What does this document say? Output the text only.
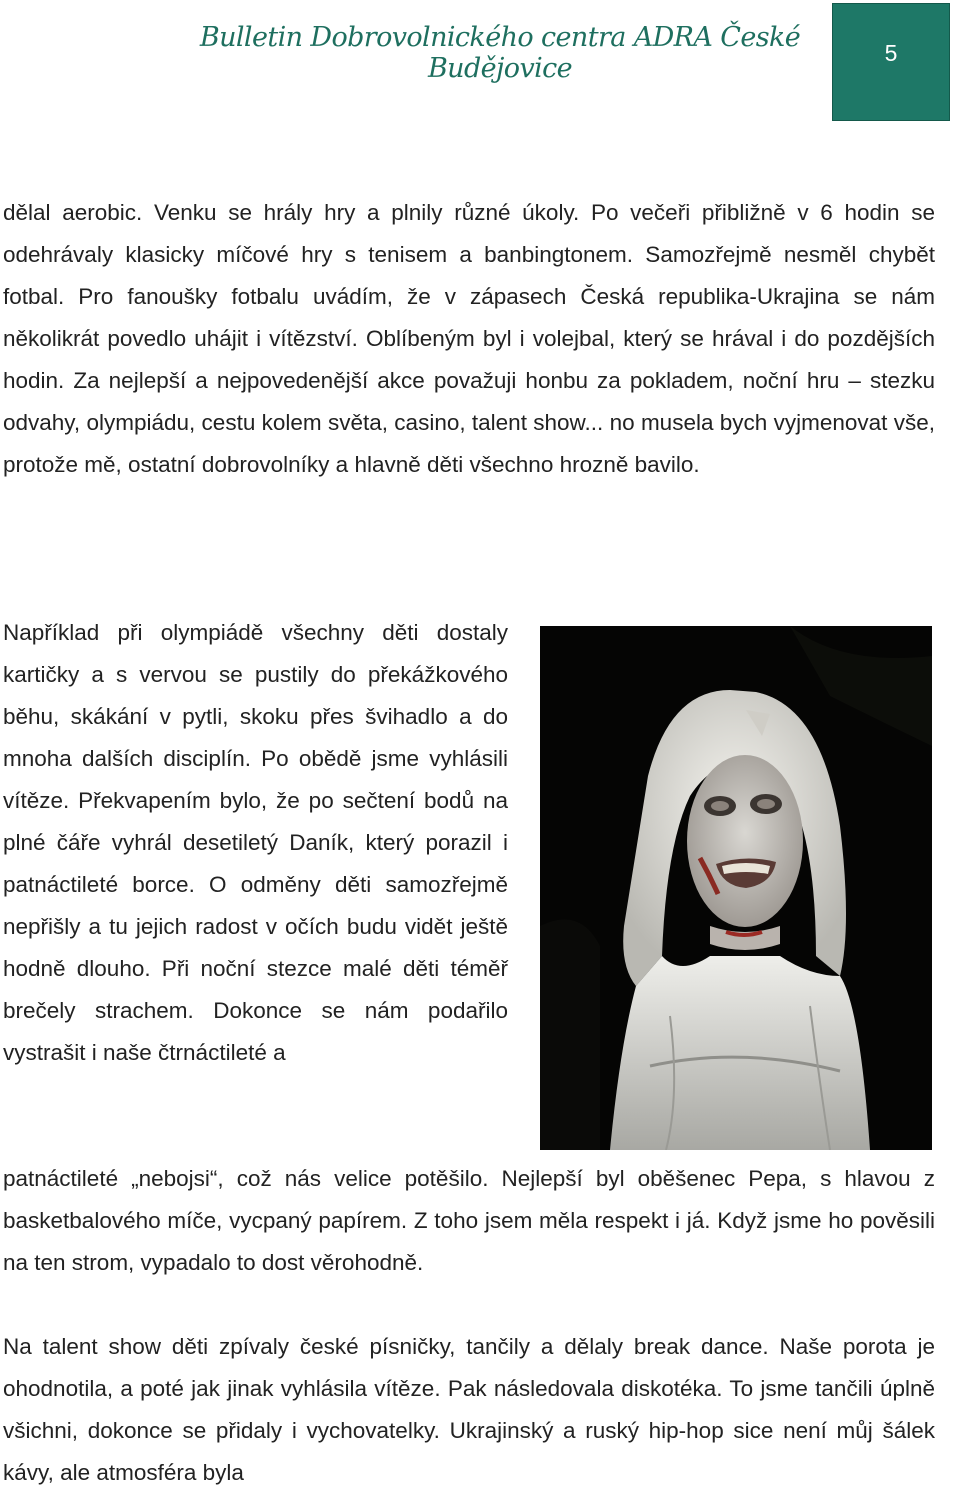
Bulletin Dobrovolnického centra ADRA České Budějovice	5

dělal aerobic. Venku se hrály hry a plnily různé úkoly. Po večeři přibližně v 6 hodin se odehrávaly klasicky míčové hry s tenisem a banbingtonem. Samozřejmě nesměl chybět fotbal. Pro fanoušky fotbalu uvádím, že v zápasech Česká republika-Ukrajina se nám několikrát povedlo uhájit i vítězství. Oblíbeným byl i volejbal, který se hrával i do pozdějších hodin. Za nejlepší a nejpovedenější akce považuji honbu za pokladem, noční hru – stezku odvahy, olympiádu, cestu kolem světa, casino, talent show... no musela bych vyjmenovat vše, protože mě, ostatní dobrovolníky a hlavně děti všechno hrozně bavilo.

Například při olympiádě všechny děti dostaly kartičky a s vervou se pustily do překážkového běhu, skákání v pytli, skoku přes švihadlo a do mnoha dalších disciplín. Po obědě jsme vyhlásili vítěze. Překvapením bylo, že po sečtení bodů na plné čáře vyhrál desetiletý Daník, který porazil i patnáctileté borce. O odměny děti samozřejmě nepřišly a tu jejich radost v očích budu vidět ještě hodně dlouho. Při noční stezce malé děti téměř brečely strachem. Dokonce se nám podařilo vystrašit i naše čtrnáctileté a

patnáctileté „nebojsi“, což nás velice potěšilo. Nejlepší byl oběšenec Pepa, s hlavou z basketbalového míče, vycpaný papírem. Z toho jsem měla respekt i já. Když jsme ho pověsili na ten strom, vypadalo to dost věrohodně.

Na talent show děti zpívaly české písničky, tančily a dělaly break dance. Naše porota je ohodnotila, a poté jak jinak vyhlásila vítěze. Pak následovala diskotéka. To jsme tančili úplně všichni, dokonce se přidaly i vychovatelky. Ukrajinský a ruský hip-hop sice není můj šálek kávy, ale atmosféra byla
